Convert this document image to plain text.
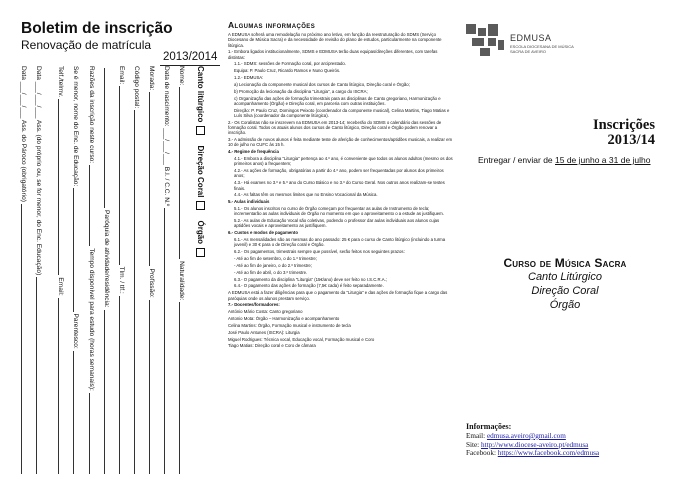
Boletim de inscrição
Renovação de matrícula
2013/2014
Data ___/___/___ Ass. do Pároco (obrigatório) Data ___/___/___ Ass. (do próprio ou, se for menor, do Enc. Educação) Telf./telmv.
Email:
Se é menor, nome do Enc. de Educação:
Parentesco:
Razões da inscrição neste curso:
Tempo disponível para estudo (horas semanais): Paróquia de atividade/residência:
Email:
Tlm. / tlf.:
Código postal: Morada:
Profissão:
Data de nascimento: ___/___/___ B.I. / C.C. N.º Nome:
Naturalidade:
Canto litúrgico
Direção Coral
Órgão
Algumas informações

A EDMUSA sofrerá uma remodelação no próximo ano letivo, em função da reestruturação do SDMS (Serviço Diocesano de Música Sacra) e da necessidade de revisão do plano de estudos, particularmente na componente litúrgica.

1.- Embora ligados institucionalmente, SDMS e EDMUSA terão duas equipas/direções diferentes, com tarefas distintas:

1.1.- SDMS: sessões de Formação coral, por arciprestado.

Equipa: P. Paulo Cruz, Ricardo Ramos e Nuno Queirós.

1.2.- EDMUSA:

a) Lecionação da componente musical dos cursos de Canto litúrgico, Direção coral e Órgão;

b) Promoção da lecionação da disciplina "Liturgia", a cargo do ISCRA;

c) Organização das ações de formação trimestrais para as disciplinas de Canto gregoriano, Harmonização e acompanhamento (Órgão) e Direção coral, em parceria com outras instituições.

Direção: P. Paulo Cruz, Domingos Peixoto (coordenador da componente musical), Celina Martins, Tiago Matias e Luís Silva (coordenador da componente litúrgica).

2.- Os Coralistas não se inscrevem na EDMUSA em 2013-14; receberão do SDMS o calendário das sessões de formação coral. Todos os atuais alunos dos cursos de Canto litúrgico, Direção coral e Órgão podem renovar a inscrição.

3.- A admissão de novos alunos é feita mediante teste de aferição de conhecimentos/aptidões musicais, a realizar em 10 de julho no CUFC às 15 h.

4.- Regime de frequência

4.1.- Embora a disciplina "Liturgia" pertença ao 4.º ano, é conveniente que todos os alunos adultos (mesmo os dos primeiros anos) a frequentem;

4.2.- As ações de formação, obrigatórias a partir do 4.º ano, podem ser frequentadas por alunos dos primeiros anos;

4.3.- Há exames no 3.º e 5.º ano do Curso Básico e no 3.º do Curso Geral. Nos outros anos realizam-se testes finais.

4.4.- As faltas têm os mesmos limites que no Ensino Vocacional da Música.

5.- Aulas individuais

5.1.- Os alunos inscritos no curso de Órgão começam por frequentar as aulas de Instrumento de tecla; incrementarão as aulas individuais de Órgão no momento em que o aproveitamento o a estude as justifiquem.

5.2.- As aulas de Educação Vocal são coletivas, podendo o professor dar aulas individuais aos alunos cujas aptidões vocais e aproveitamento as justifiquem.

6.- Custos e modos de pagamento

6.1.- As mensalidades são as mesmas do ano passado: 25 € para o curso de Canto litúrgico (incluindo a turma juvenil) e 30 € para o de Direção coral e Órgão.

6.2.- Os pagamentos, trimestrais sempre que possível, serão feitos nos seguintes prazos:

- Até ao fim de setembro, o do 1.º trimestre;

- Até ao fim de janeiro, o do 2.º trimestre;

- Até ao fim de abril, o do 3.º trimestre.

6.3.- O pagamento da disciplina "Liturgia" (15€/ano) deve ser feito no I.S.C.R.A.;

6.4.- O pagamento das ações de formação (7,5€ cada) é feito separadamente.

A EDMUSA está a fazer diligências para que o pagamento da "Liturgia" e das ações de formação fique a cargo das paróquias onde os alunos prestam serviço.

7.- Docentes/formadores:

António Mário Costa: Canto gregoriano

Antonio Mota: Órgão – Harmonização e acompanhamento

Celina Martins: Órgão, Formação musical e instrumento de tecla

José Paulo Antunes (ISCRA): Liturgia

Miguel Rodrigues: Técnica vocal, Educação vocal, Formação musical e Coro

Tiago Matias: Direção coral e Coro de câmara

EDMUSA
ESCOLA DIOCESANA DE MÚSICA SACRA DE AVEIRO
Inscrições
2013/14
Entregar / enviar de 15 de junho a 31 de julho
Curso de Música Sacra
Canto Litúrgico
Direção Coral
Órgão
Informações:
Email: edmusa.aveiro@gmail.com
Site: http://www.diocese-aveiro.pt/edmusa
Facebook: https://www.facebook.com/edmusa
